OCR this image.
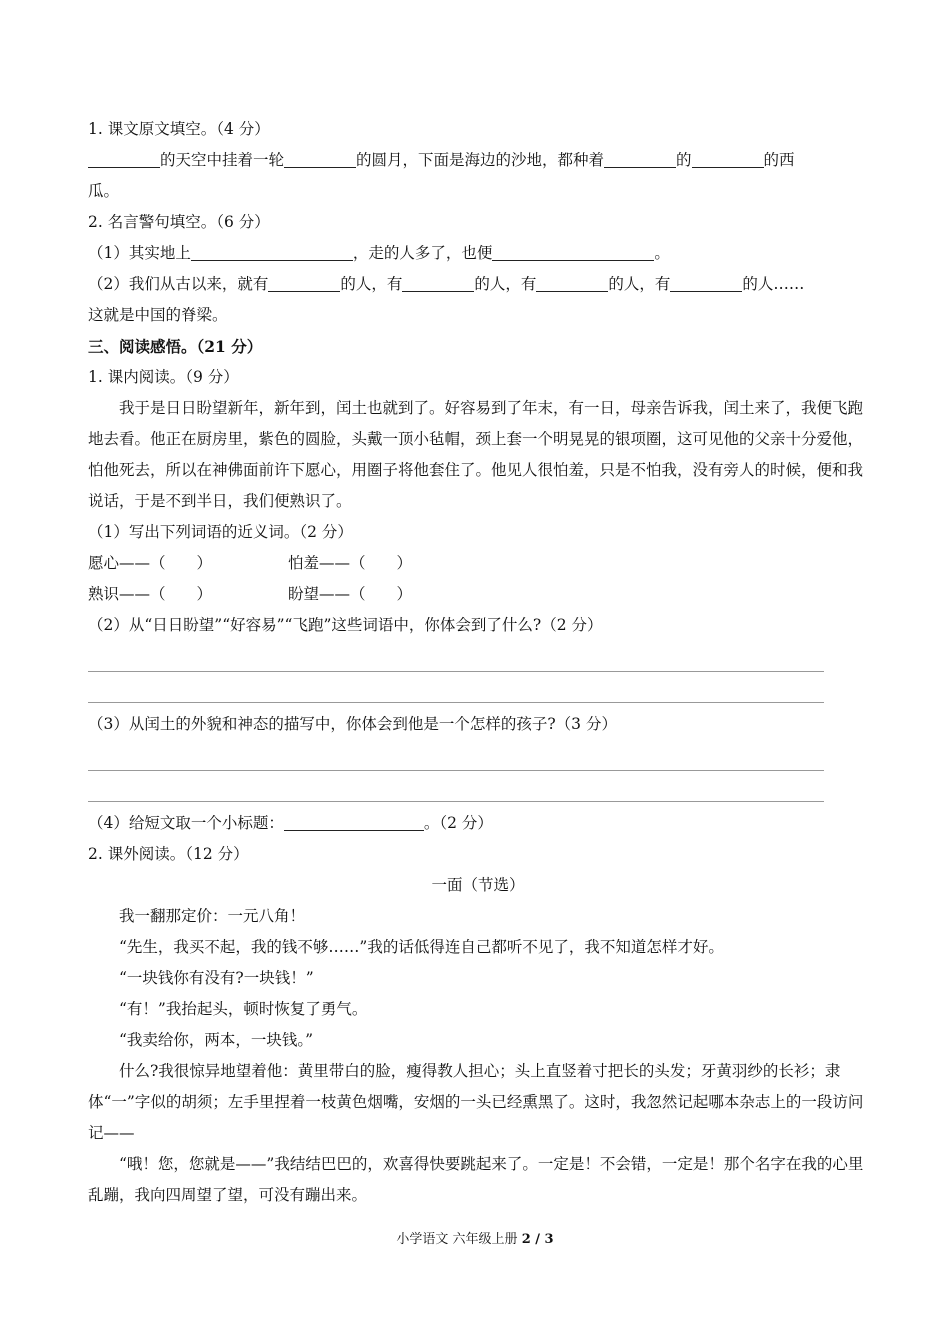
1. 课文原文填空。（4 分）
的天空中挂着一轮	的圆月，下面是海边的沙地，都种着	的	的西
瓜。
2. 名言警句填空。（6 分）
（1）其实地上	，走的人多了，也便	。
（2）我们从古以来，就有	的人，有	的人，有	的人，有	的人……
这就是中国的脊梁。
三、阅读感悟。（21 分）
1. 课内阅读。（9 分）
我于是日日盼望新年，新年到，闰土也就到了。好容易到了年末，有一日，母亲告诉我，闰土来了，我便飞跑地去看。他正在厨房里，紫色的圆脸，头戴一顶小毡帽，颈上套一个明晃晃的银项圈，这可见他的父亲十分爱他，怕他死去，所以在神佛面前许下愿心，用圈子将他套住了。他见人很怕羞，只是不怕我，没有旁人的时候，便和我说话，于是不到半日，我们便熟识了。
（1）写出下列词语的近义词。（2 分）
愿心——（　　）	怕羞——（　　）
熟识——（　　）	盼望——（　　）
（2）从“日日盼望”“好容易”“飞跑”这些词语中，你体会到了什么?（2 分）
（3）从闰土的外貌和神态的描写中，你体会到他是一个怎样的孩子?（3 分）
（4）给短文取一个小标题：	。（2 分）
2. 课外阅读。（12 分）
一面（节选）
我一翻那定价：一元八角！
“先生，我买不起，我的钱不够……”我的话低得连自己都听不见了，我不知道怎样才好。
“一块钱你有没有?一块钱！”
“有！”我抬起头，顿时恢复了勇气。
“我卖给你，两本，一块钱。”
什么?我很惊异地望着他：黄里带白的脸，瘦得教人担心；头上直竖着寸把长的头发；牙黄羽纱的长衫；隶体“一”字似的胡须；左手里捏着一枝黄色烟嘴，安烟的一头已经熏黑了。这时，我忽然记起哪本杂志上的一段访问记——
“哦！您，您就是——”我结结巴巴的，欢喜得快要跳起来了。一定是！不会错，一定是！那个名字在我的心里乱蹦，我向四周望了望，可没有蹦出来。
小学语文 六年级上册 2 / 3
